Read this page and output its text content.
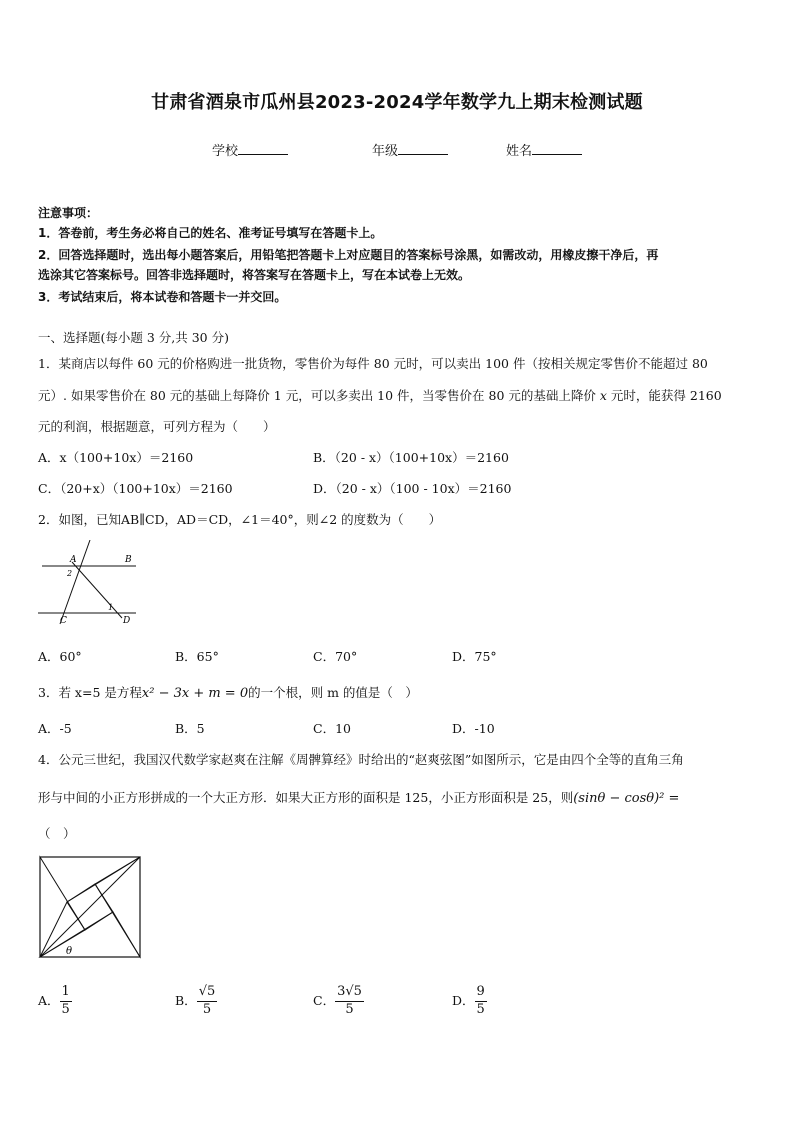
甘肃省酒泉市瓜州县2023-2024学年数学九上期末检测试题
学校	年级	姓名
注意事项：
1．答卷前，考生务必将自己的姓名、准考证号填写在答题卡上。
2．回答选择题时，选出每小题答案后，用铅笔把答题卡上对应题目的答案标号涂黑，如需改动，用橡皮擦干净后，再
选涂其它答案标号。回答非选择题时，将答案写在答题卡上，写在本试卷上无效。
3．考试结束后，将本试卷和答题卡一并交回。
一、选择题(每小题 3 分,共 30 分)
1．某商店以每件 60 元的价格购进一批货物，零售价为每件 80 元时，可以卖出 100 件（按相关规定零售价不能超过 80
元）. 如果零售价在 80 元的基础上每降价 1 元，可以多卖出 10 件，当零售价在 80 元的基础上降价 x 元时，能获得 2160
元的利润，根据题意，可列方程为（　　）
A．x（100+10x）＝2160	B．（20 - x）（100+10x）＝2160
C．（20+x）（100+10x）＝2160	D．（20 - x）（100 - 10x）＝2160
2．如图，已知AB∥CD，AD＝CD，∠1＝40°，则∠2 的度数为（　　）
A	B
C	D
1
2
A．60°	B．65°	C．70°	D．75°
3．若 x=5 是方程x² − 3x + m = 0的一个根，则 m 的值是（　）
A．-5	B．5	C．10	D．-10
4．公元三世纪，我国汉代数学家赵爽在注解《周髀算经》时给出的“赵爽弦图”如图所示，它是由四个全等的直角三角
形与中间的小正方形拼成的一个大正方形．如果大正方形的面积是 125，小正方形面积是 25，则(sinθ − cosθ)² =
（　）
θ
A． $\frac{1}{5}$	B． $\frac{√5}{5}$	C． $\frac{3√5}{5}$	D． $\frac{9}{5}$
